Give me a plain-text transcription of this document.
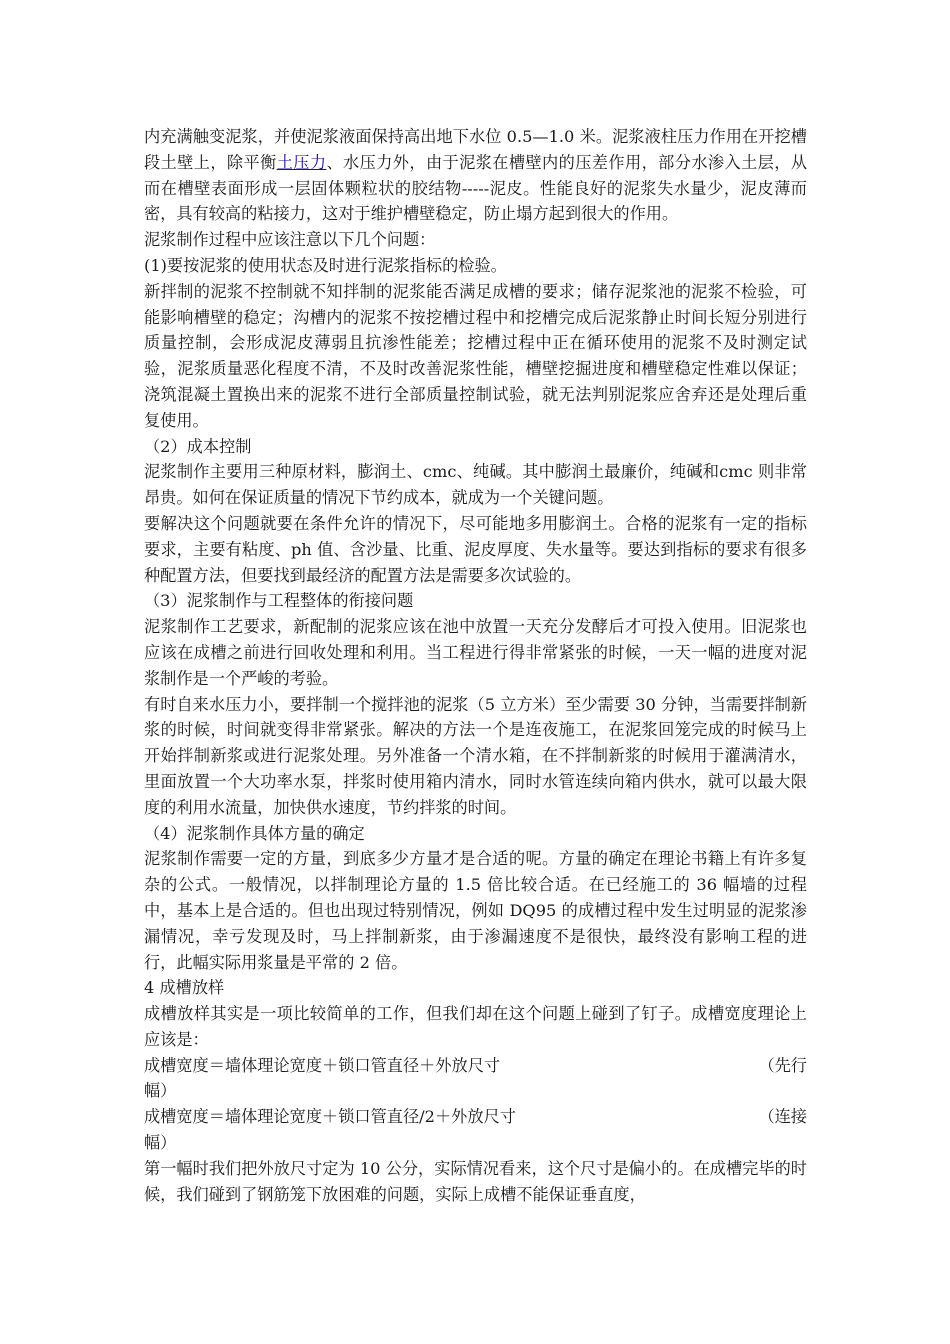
内充满触变泥浆，并使泥浆液面保持高出地下水位 0.5—1.0 米。泥浆液柱压力作用在开挖槽段土壁上，除平衡土压力、水压力外，由于泥浆在槽壁内的压差作用，部分水渗入土层，从而在槽壁表面形成一层固体颗粒状的胶结物-----泥皮。性能良好的泥浆失水量少，泥皮薄而密，具有较高的粘接力，这对于维护槽壁稳定，防止塌方起到很大的作用。

泥浆制作过程中应该注意以下几个问题：

(1)要按泥浆的使用状态及时进行泥浆指标的检验。

新拌制的泥浆不控制就不知拌制的泥浆能否满足成槽的要求；储存泥浆池的泥浆不检验，可能影响槽壁的稳定；沟槽内的泥浆不按挖槽过程中和挖槽完成后泥浆静止时间长短分别进行质量控制，会形成泥皮薄弱且抗渗性能差；挖槽过程中正在循环使用的泥浆不及时测定试验，泥浆质量恶化程度不清，不及时改善泥浆性能，槽壁挖掘进度和槽壁稳定性难以保证；浇筑混凝土置换出来的泥浆不进行全部质量控制试验，就无法判别泥浆应舍弃还是处理后重复使用。

（2）成本控制

泥浆制作主要用三种原材料，膨润土、cmc、纯碱。其中膨润土最廉价，纯碱和cmc 则非常昂贵。如何在保证质量的情况下节约成本，就成为一个关键问题。

要解决这个问题就要在条件允许的情况下，尽可能地多用膨润土。合格的泥浆有一定的指标要求，主要有粘度、ph 值、含沙量、比重、泥皮厚度、失水量等。要达到指标的要求有很多种配置方法，但要找到最经济的配置方法是需要多次试验的。

（3）泥浆制作与工程整体的衔接问题

泥浆制作工艺要求，新配制的泥浆应该在池中放置一天充分发酵后才可投入使用。旧泥浆也应该在成槽之前进行回收处理和利用。当工程进行得非常紧张的时候，一天一幅的进度对泥浆制作是一个严峻的考验。

有时自来水压力小，要拌制一个搅拌池的泥浆（5 立方米）至少需要 30 分钟，当需要拌制新浆的时候，时间就变得非常紧张。解决的方法一个是连夜施工，在泥浆回笼完成的时候马上开始拌制新浆或进行泥浆处理。另外准备一个清水箱，在不拌制新浆的时候用于灌满清水，里面放置一个大功率水泵，拌浆时使用箱内清水，同时水管连续向箱内供水，就可以最大限度的利用水流量，加快供水速度，节约拌浆的时间。

（4）泥浆制作具体方量的确定

泥浆制作需要一定的方量，到底多少方量才是合适的呢。方量的确定在理论书籍上有许多复杂的公式。一般情况，以拌制理论方量的 1.5 倍比较合适。在已经施工的 36 幅墙的过程中，基本上是合适的。但也出现过特别情况，例如 DQ95 的成槽过程中发生过明显的泥浆渗漏情况，幸亏发现及时，马上拌制新浆，由于渗漏速度不是很快，最终没有影响工程的进行，此幅实际用浆量是平常的 2 倍。

4 成槽放样

成槽放样其实是一项比较简单的工作，但我们却在这个问题上碰到了钉子。成槽宽度理论上应该是：

成槽宽度＝墙体理论宽度＋锁口管直径＋外放尺寸	（先行

幅）

成槽宽度＝墙体理论宽度＋锁口管直径/2＋外放尺寸	（连接

幅）

第一幅时我们把外放尺寸定为 10 公分，实际情况看来，这个尺寸是偏小的。在成槽完毕的时候，我们碰到了钢筋笼下放困难的问题，实际上成槽不能保证垂直度，
